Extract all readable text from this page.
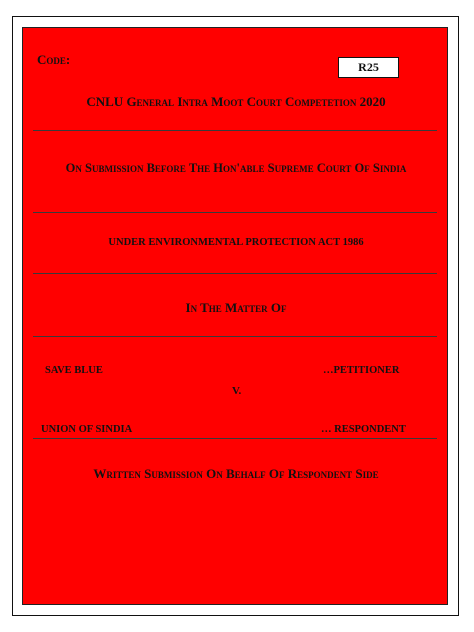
Code:	R25
CNLU General Intra Moot Court Competetion 2020
On Submission Before The Hon'able Supreme Court Of Sindia
UNDER ENVIRONMENTAL PROTECTION ACT 1986
In The Matter Of
SAVE BLUE	…PETITIONER
V.
UNION OF SINDIA	… RESPONDENT
Written Submission On Behalf Of Respondent Side
